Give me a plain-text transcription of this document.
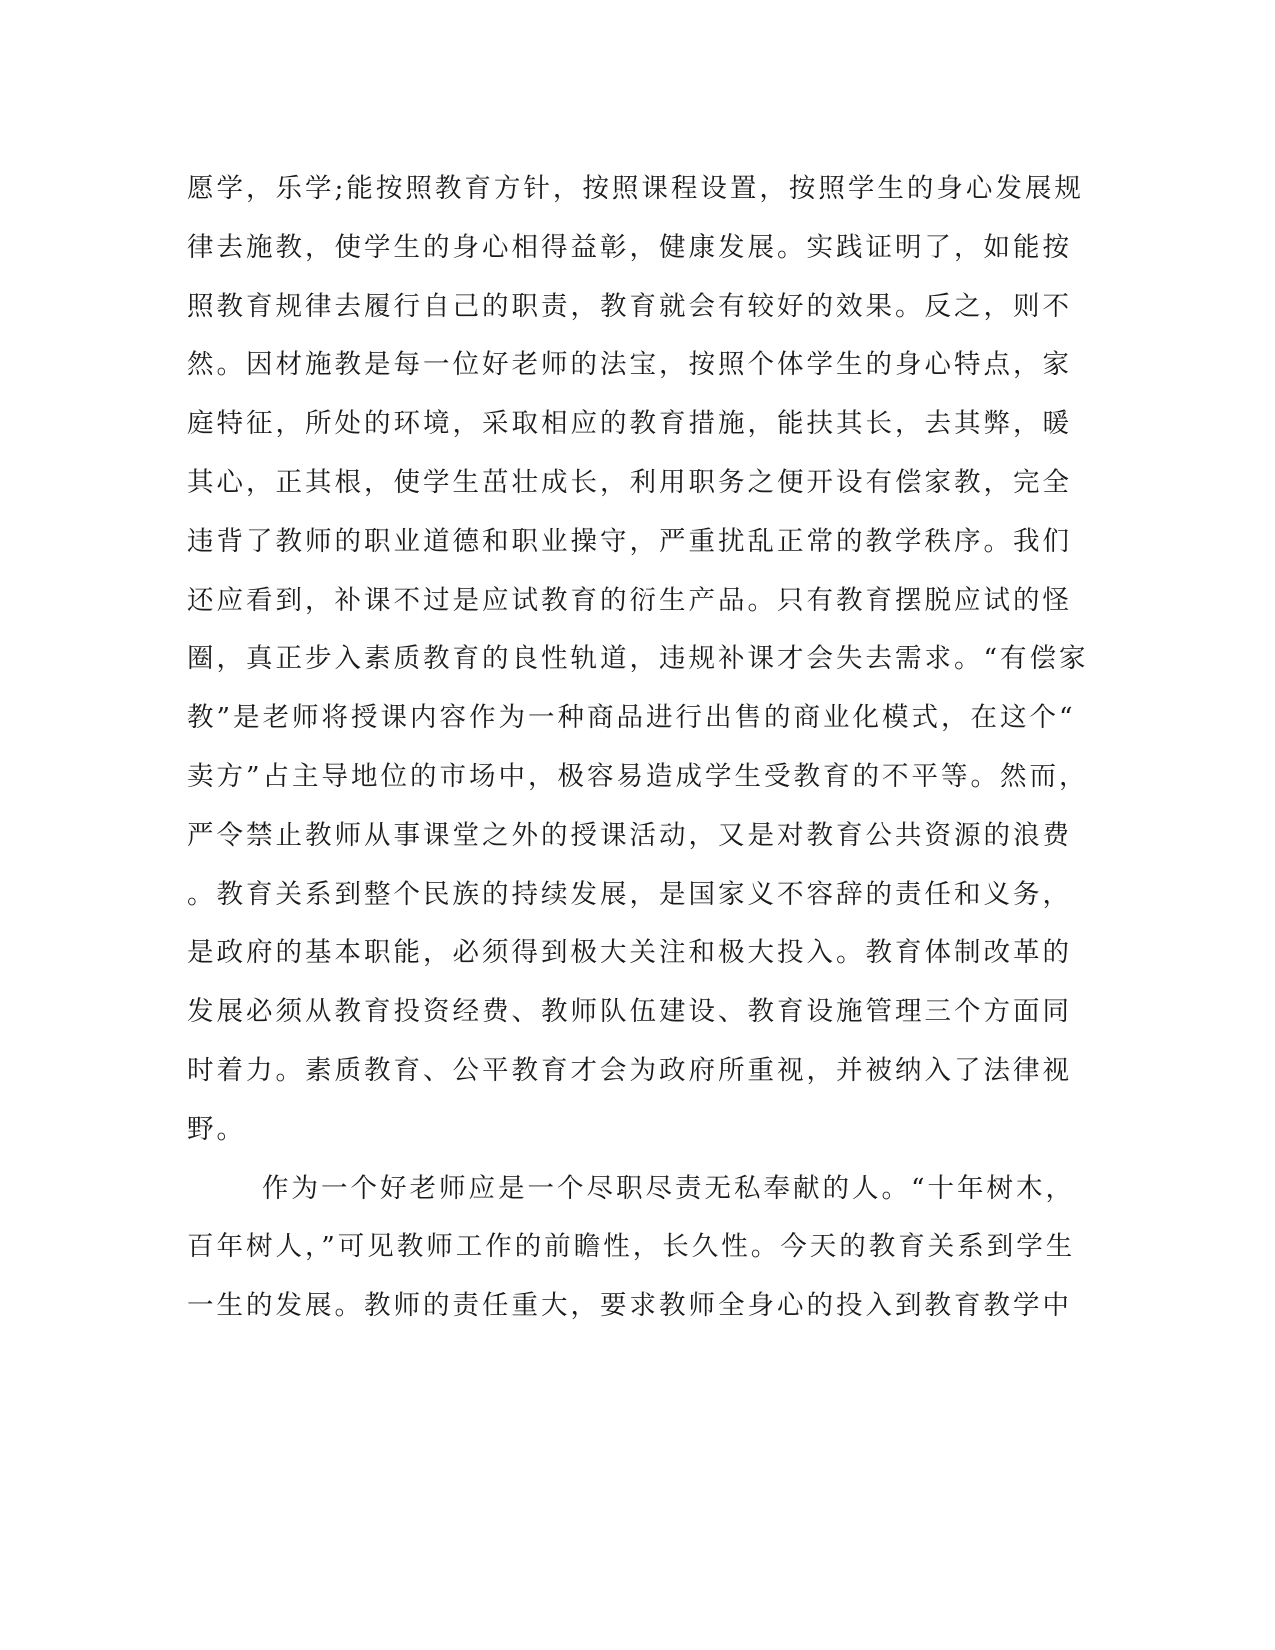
愿学，乐学;能按照教育方针，按照课程设置，按照学生的身心发展规
律去施教，使学生的身心相得益彰，健康发展。实践证明了，如能按
照教育规律去履行自己的职责，教育就会有较好的效果。反之，则不
然。因材施教是每一位好老师的法宝，按照个体学生的身心特点，家
庭特征，所处的环境，采取相应的教育措施，能扶其长，去其弊，暖
其心，正其根，使学生茁壮成长，利用职务之便开设有偿家教，完全
违背了教师的职业道德和职业操守，严重扰乱正常的教学秩序。我们
还应看到，补课不过是应试教育的衍生产品。只有教育摆脱应试的怪
圈，真正步入素质教育的良性轨道，违规补课才会失去需求。“有偿家
教”是老师将授课内容作为一种商品进行出售的商业化模式，在这个“
卖方”占主导地位的市场中，极容易造成学生受教育的不平等。然而，
严令禁止教师从事课堂之外的授课活动，又是对教育公共资源的浪费
。教育关系到整个民族的持续发展，是国家义不容辞的责任和义务，
是政府的基本职能，必须得到极大关注和极大投入。教育体制改革的
发展必须从教育投资经费、教师队伍建设、教育设施管理三个方面同
时着力。素质教育、公平教育才会为政府所重视，并被纳入了法律视
野。
作为一个好老师应是一个尽职尽责无私奉献的人。“十年树木，
百年树人，”可见教师工作的前瞻性，长久性。今天的教育关系到学生
一生的发展。教师的责任重大，要求教师全身心的投入到教育教学中
